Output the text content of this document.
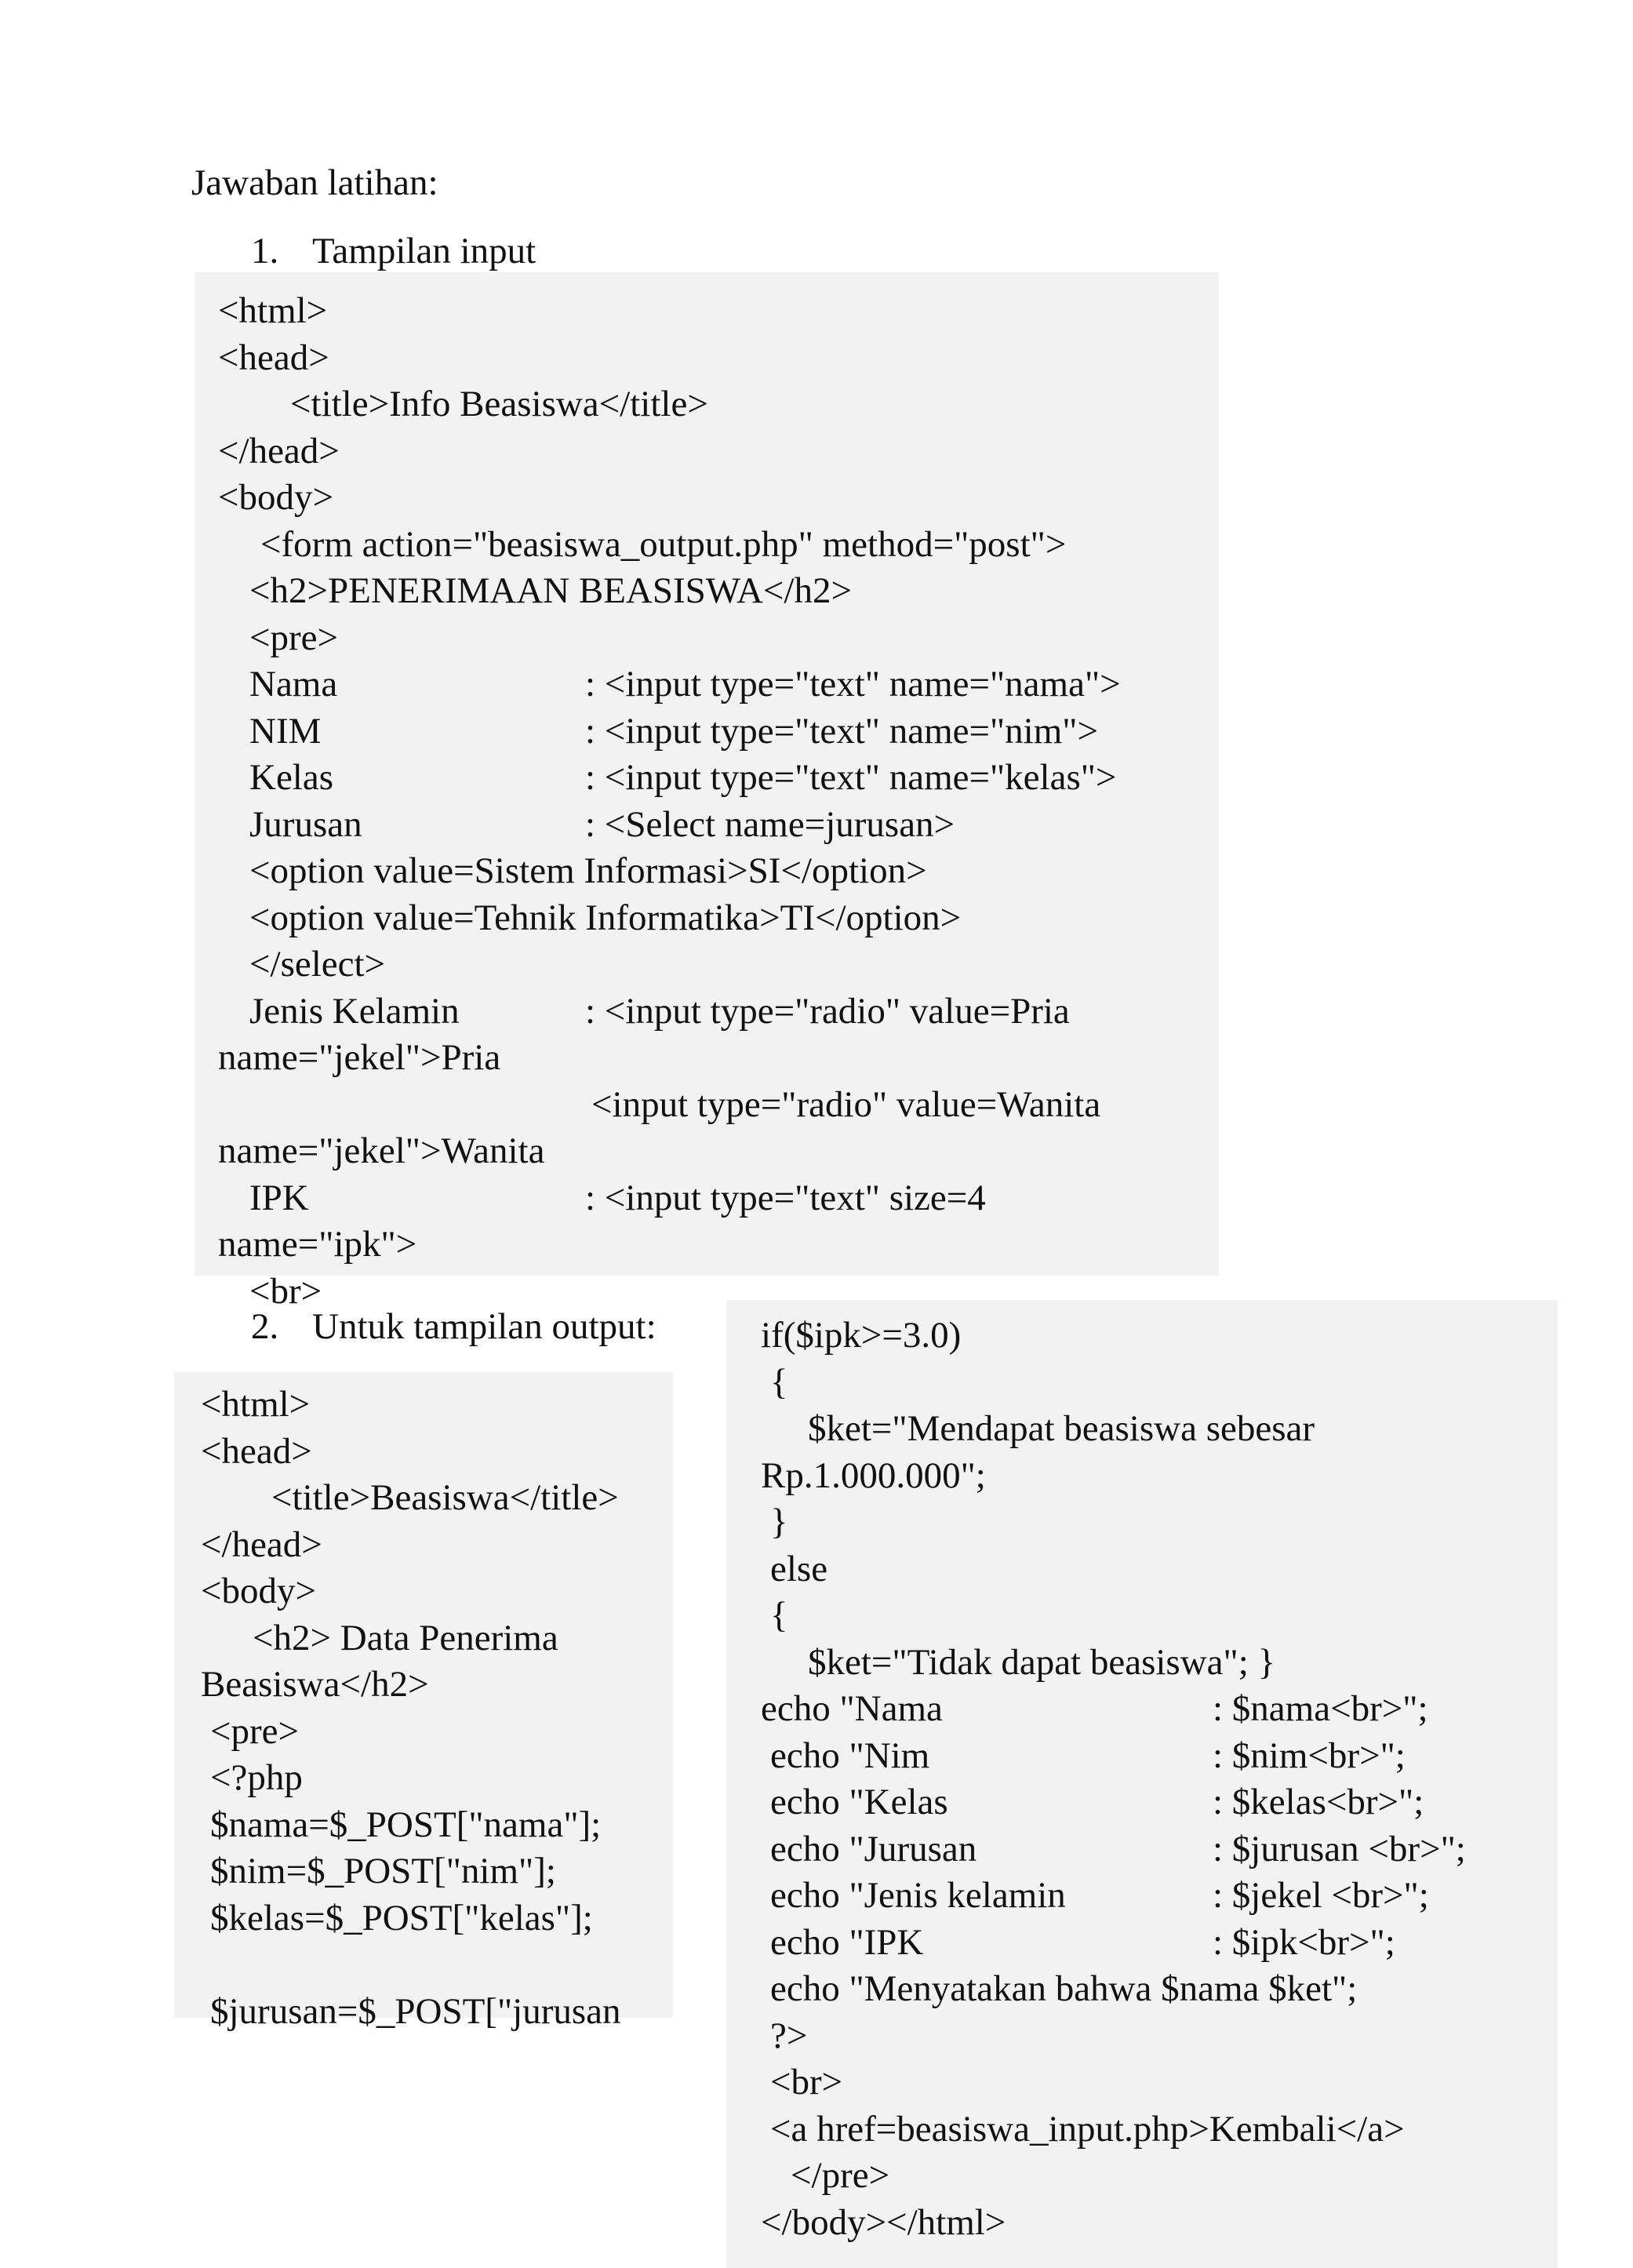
Jawaban latihan:
1. Tampilan input
<html>
<head>
<title>Info Beasiswa</title>
</head>
<body>
<form action="beasiswa_output.php" method="post">
<h2>PENERIMAAN BEASISWA</h2>
<pre>
Nama	: <input type="text" name="nama">
NIM	: <input type="text" name="nim">
Kelas	: <input type="text" name="kelas">
Jurusan	: <Select name=jurusan>
<option value=Sistem Informasi>SI</option>
<option value=Tehnik Informatika>TI</option>
</select>
Jenis Kelamin	: <input type="radio" value=Pria
name="jekel">Pria
<input type="radio" value=Wanita
name="jekel">Wanita
IPK	: <input type="text" size=4
name="ipk">
<br>
2. Untuk tampilan output:
<html>
<head>
<title>Beasiswa</title>
</head>
<body>
<h2> Data Penerima
Beasiswa</h2>
<pre>
<?php
$nama=$_POST["nama"];
$nim=$_POST["nim"];
$kelas=$_POST["kelas"];
$jurusan=$_POST["jurusan
if($ipk>=3.0)
{
$ket="Mendapat beasiswa sebesar
Rp.1.000.000";
}
else
{
$ket="Tidak dapat beasiswa"; }
echo "Nama	: $nama<br>";
echo "Nim	: $nim<br>";
echo "Kelas	: $kelas<br>";
echo "Jurusan	: $jurusan <br>";
echo "Jenis kelamin	: $jekel <br>";
echo "IPK	: $ipk<br>";
echo "Menyatakan bahwa $nama $ket";
?>
<br>
<a href=beasiswa_input.php>Kembali</a>
</pre>
</body></html>
